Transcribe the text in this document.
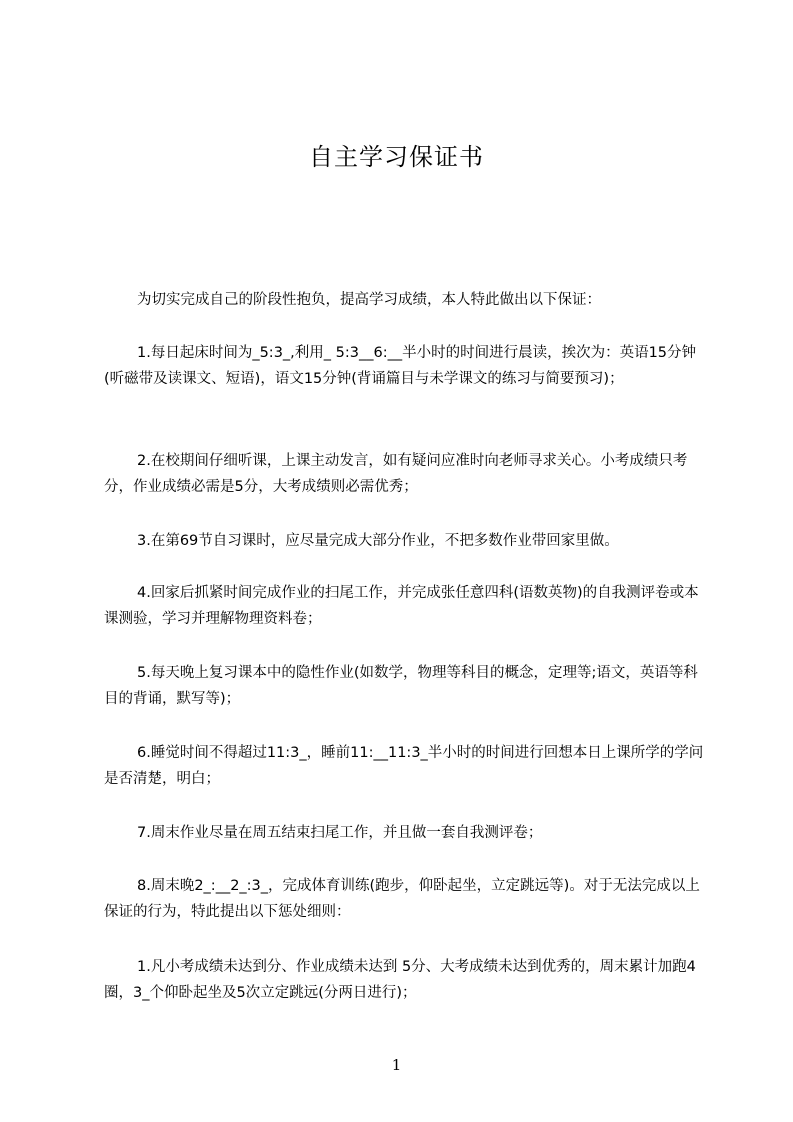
自主学习保证书

为切实完成自己的阶段性抱负，提高学习成绩，本人特此做出以下保证：

1.每日起床时间为_5:3_,利用_ 5:3__6:__半小时的时间进行晨读，挨次为：英语15分钟(听磁带及读课文、短语)，语文15分钟(背诵篇目与未学课文的练习与简要预习)；

2.在校期间仔细听课，上课主动发言，如有疑问应准时向老师寻求关心。小考成绩只考分，作业成绩必需是5分，大考成绩则必需优秀；

3.在第69节自习课时，应尽量完成大部分作业，不把多数作业带回家里做。

4.回家后抓紧时间完成作业的扫尾工作，并完成张任意四科(语数英物)的自我测评卷或本课测验，学习并理解物理资料卷；

5.每天晚上复习课本中的隐性作业(如数学，物理等科目的概念，定理等;语文，英语等科目的背诵，默写等)；

6.睡觉时间不得超过11:3_，睡前11:__11:3_半小时的时间进行回想本日上课所学的学问是否清楚，明白；

7.周末作业尽量在周五结束扫尾工作，并且做一套自我测评卷；

8.周末晚2_:__2_:3_，完成体育训练(跑步，仰卧起坐，立定跳远等)。对于无法完成以上保证的行为，特此提出以下惩处细则：

1.凡小考成绩未达到分、作业成绩未达到 5分、大考成绩未达到优秀的，周末累计加跑4圈，3_个仰卧起坐及5次立定跳远(分两日进行)；

1
